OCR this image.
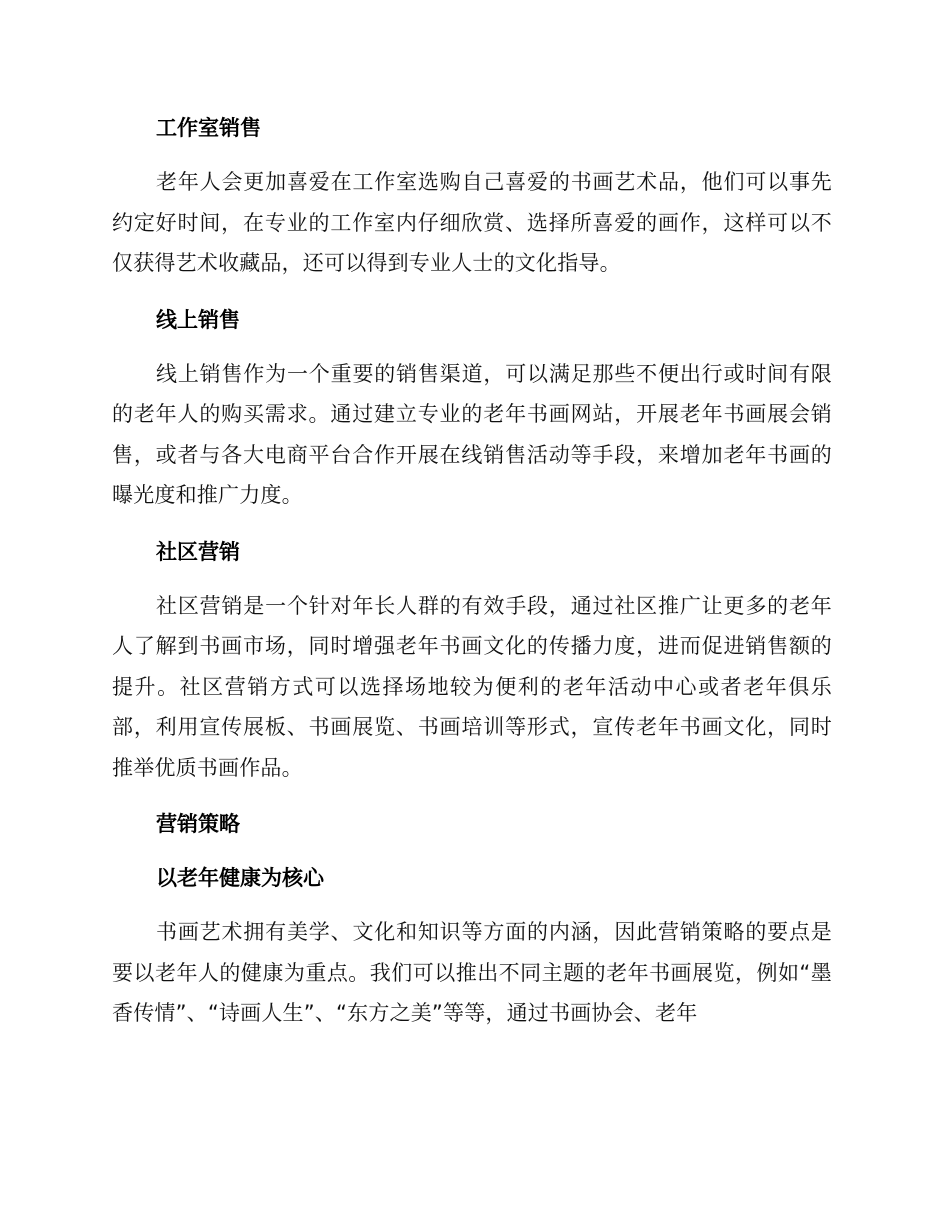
工作室销售

老年人会更加喜爱在工作室选购自己喜爱的书画艺术品，他们可以事先约定好时间，在专业的工作室内仔细欣赏、选择所喜爱的画作，这样可以不仅获得艺术收藏品，还可以得到专业人士的文化指导。

线上销售

线上销售作为一个重要的销售渠道，可以满足那些不便出行或时间有限的老年人的购买需求。通过建立专业的老年书画网站，开展老年书画展会销售，或者与各大电商平台合作开展在线销售活动等手段，来增加老年书画的曝光度和推广力度。

社区营销

社区营销是一个针对年长人群的有效手段，通过社区推广让更多的老年人了解到书画市场，同时增强老年书画文化的传播力度，进而促进销售额的提升。社区营销方式可以选择场地较为便利的老年活动中心或者老年俱乐部，利用宣传展板、书画展览、书画培训等形式，宣传老年书画文化，同时推举优质书画作品。

营销策略
以老年健康为核心

书画艺术拥有美学、文化和知识等方面的内涵，因此营销策略的要点是要以老年人的健康为重点。我们可以推出不同主题的老年书画展览，例如“墨香传情”、“诗画人生”、“东方之美”等等，通过书画协会、老年
